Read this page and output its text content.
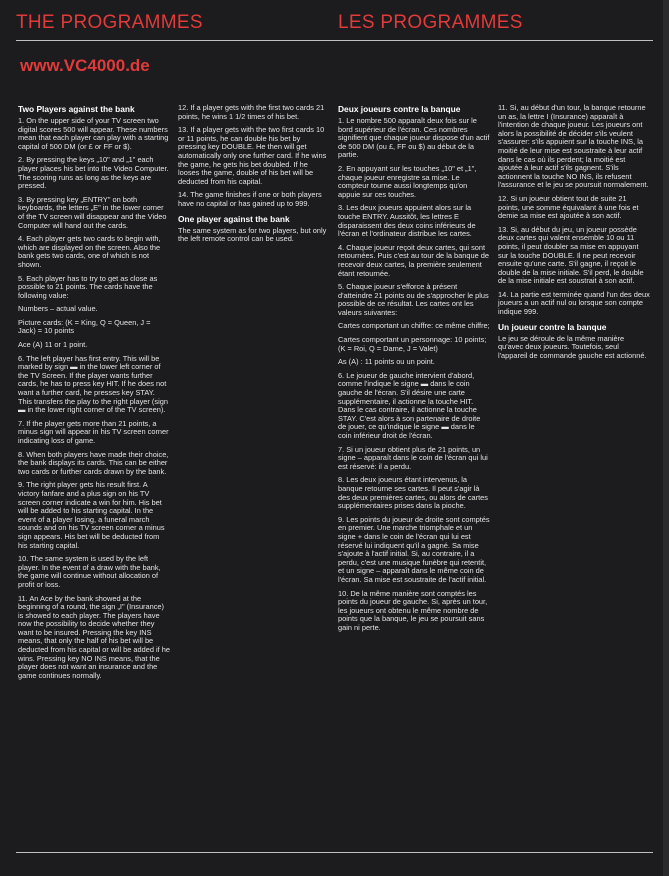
THE PROGRAMMES	LES PROGRAMMES
www.VC4000.de
Two Players against the bank

1. On the upper side of your TV screen two digital scores 500 will appear. These numbers mean that each player can play with a starting capital of 500 DM (or £ or FF or $).

2. By pressing the keys „10" and „1" each player places his bet into the Video Computer. The scoring runs as long as the keys are pressed.

3. By pressing key „ENTRY" on both keyboards, the letters „E" in the lower corner of the TV screen will disappear and the Video Computer will hand out the cards.

4. Each player gets two cards to begin with, which are displayed on the screen. Also the bank gets two cards, one of which is not shown.

5. Each player has to try to get as close as possible to 21 points. The cards have the following value:

Numbers – actual value.

Picture cards: (K = King, Q = Queen, J = Jack) = 10 points

Ace (A) 11 or 1 point.

6. The left player has first entry. This will be marked by sign ▬ in the lower left corner of the TV Screen. If the player wants further cards, he has to press key HIT. If he does not want a further card, he presses key STAY. This transfers the play to the right player (sign ▬ in the lower right corner of the TV screen).

7. If the player gets more than 21 points, a minus sign will appear in his TV screen corner indicating loss of game.

8. When both players have made their choice, the bank displays its cards. This can be either two cards or further cards drawn by the bank.

9. The right player gets his result first. A victory fanfare and a plus sign on his TV screen corner indicate a win for him. His bet will be added to his starting capital. In the event of a player losing, a funeral march sounds and on his TV screen corner a minus sign appears. His bet will be deducted from his starting capital.

10. The same system is used by the left player. In the event of a draw with the bank, the game will continue without allocation of profit or loss.

11. An Ace by the bank showed at the beginning of a round, the sign „I" (Insurance) is showed to each player. The players have now the possibility to decide whether they want to be insured. Pressing the key INS means, that only the half of his bet will be deducted from his capital or will be added if he wins. Pressing key NO INS means, that the player does not want an insurance and the game continues normally.

12. If a player gets with the first two cards 21 points, he wins 1 1/2 times of his bet.

13. If a player gets with the two first cards 10 or 11 points, he can double his bet by pressing key DOUBLE. He then will get automatically only one further card. If he wins the game, he gets his bet doubled. If he looses the game, double of his bet will be deducted from his capital.

14. The game finishes if one or both players have no capital or has gained up to 999.

One player against the bank

The same system as for two players, but only the left remote control can be used.

Deux joueurs contre la banque

1. Le nombre 500 apparaît deux fois sur le bord supérieur de l'écran. Ces nombres signifient que chaque joueur dispose d'un actif de 500 DM (ou £, FF ou $) au début de la partie.

2. En appuyant sur les touches „10" et „1", chaque joueur enregistre sa mise. Le compteur tourne aussi longtemps qu'on appuie sur ces touches.

3. Les deux joueurs appuient alors sur la touche ENTRY. Aussitôt, les lettres E disparaissent des deux coins inférieurs de l'écran et l'ordinateur distribue les cartes.

4. Chaque joueur reçoit deux cartes, qui sont retournées. Puis c'est au tour de la banque de recevoir deux cartes, la première seulement étant retournée.

5. Chaque joueur s'efforce à présent d'atteindre 21 points ou de s'approcher le plus possible de ce résultat. Les cartes ont les valeurs suivantes:

Cartes comportant un chiffre: ce même chiffre;

Cartes comportant un personnage: 10 points; (K = Roi, Q = Dame, J = Valet)

As (A) : 11 points ou un point.

6. Le joueur de gauche intervient d'abord, comme l'indique le signe ▬ dans le coin gauche de l'écran. S'il désire une carte supplémentaire, il actionne la touche HIT. Dans le cas contraire, il actionne la touche STAY. C'est alors à son partenaire de droite de jouer, ce qu'indique le signe ▬ dans le coin inférieur droit de l'écran.

7. Si un joueur obtient plus de 21 points, un signe – apparaît dans le coin de l'écran qui lui est réservé: il a perdu.

8. Les deux joueurs étant intervenus, la banque retourne ses cartes. Il peut s'agir là des deux premières cartes, ou alors de cartes supplémentaires prises dans la pioche.

9. Les points du joueur de droite sont comptés en premier. Une marche triomphale et un signe + dans le coin de l'écran qui lui est réservé lui indiquent qu'il a gagné. Sa mise s'ajoute à l'actif initial. Si, au contraire, il a perdu, c'est une musique funèbre qui retentit, et un signe – apparaît dans le même coin de l'écran. Sa mise est soustraite de l'actif initial.

10. De la même manière sont comptés les points du joueur de gauche. Si, après un tour, les joueurs ont obtenu le même nombre de points que la banque, le jeu se poursuit sans gain ni perte.

11. Si, au début d'un tour, la banque retourne un as, la lettre I (Insurance) apparaît à l'intention de chaque joueur. Les joueurs ont alors la possibilité de décider s'ils veulent s'assurer: s'ils appuient sur la touche INS, la moitié de leur mise est soustraite à leur actif dans le cas où ils perdent; la moitié est ajoutée à leur actif s'ils gagnent. S'ils actionnent la touche NO INS, ils refusent l'assurance et le jeu se poursuit normalement.

12. Si un joueur obtient tout de suite 21 points, une somme équivalant à une fois et demie sa mise est ajoutée à son actif.

13. Si, au début du jeu, un joueur possède deux cartes qui valent ensemble 10 ou 11 points, il peut doubler sa mise en appuyant sur la touche DOUBLE. Il ne peut recevoir ensuite qu'une carte. S'il gagne, il reçoit le double de la mise initiale. S'il perd, le double de la mise initiale est soustrait à son actif.

14. La partie est terminée quand l'un des deux joueurs a un actif nul ou lorsque son compte indique 999.

Un joueur contre la banque

Le jeu se déroule de la même manière qu'avec deux joueurs. Toutefois, seul l'appareil de commande gauche est actionné.
